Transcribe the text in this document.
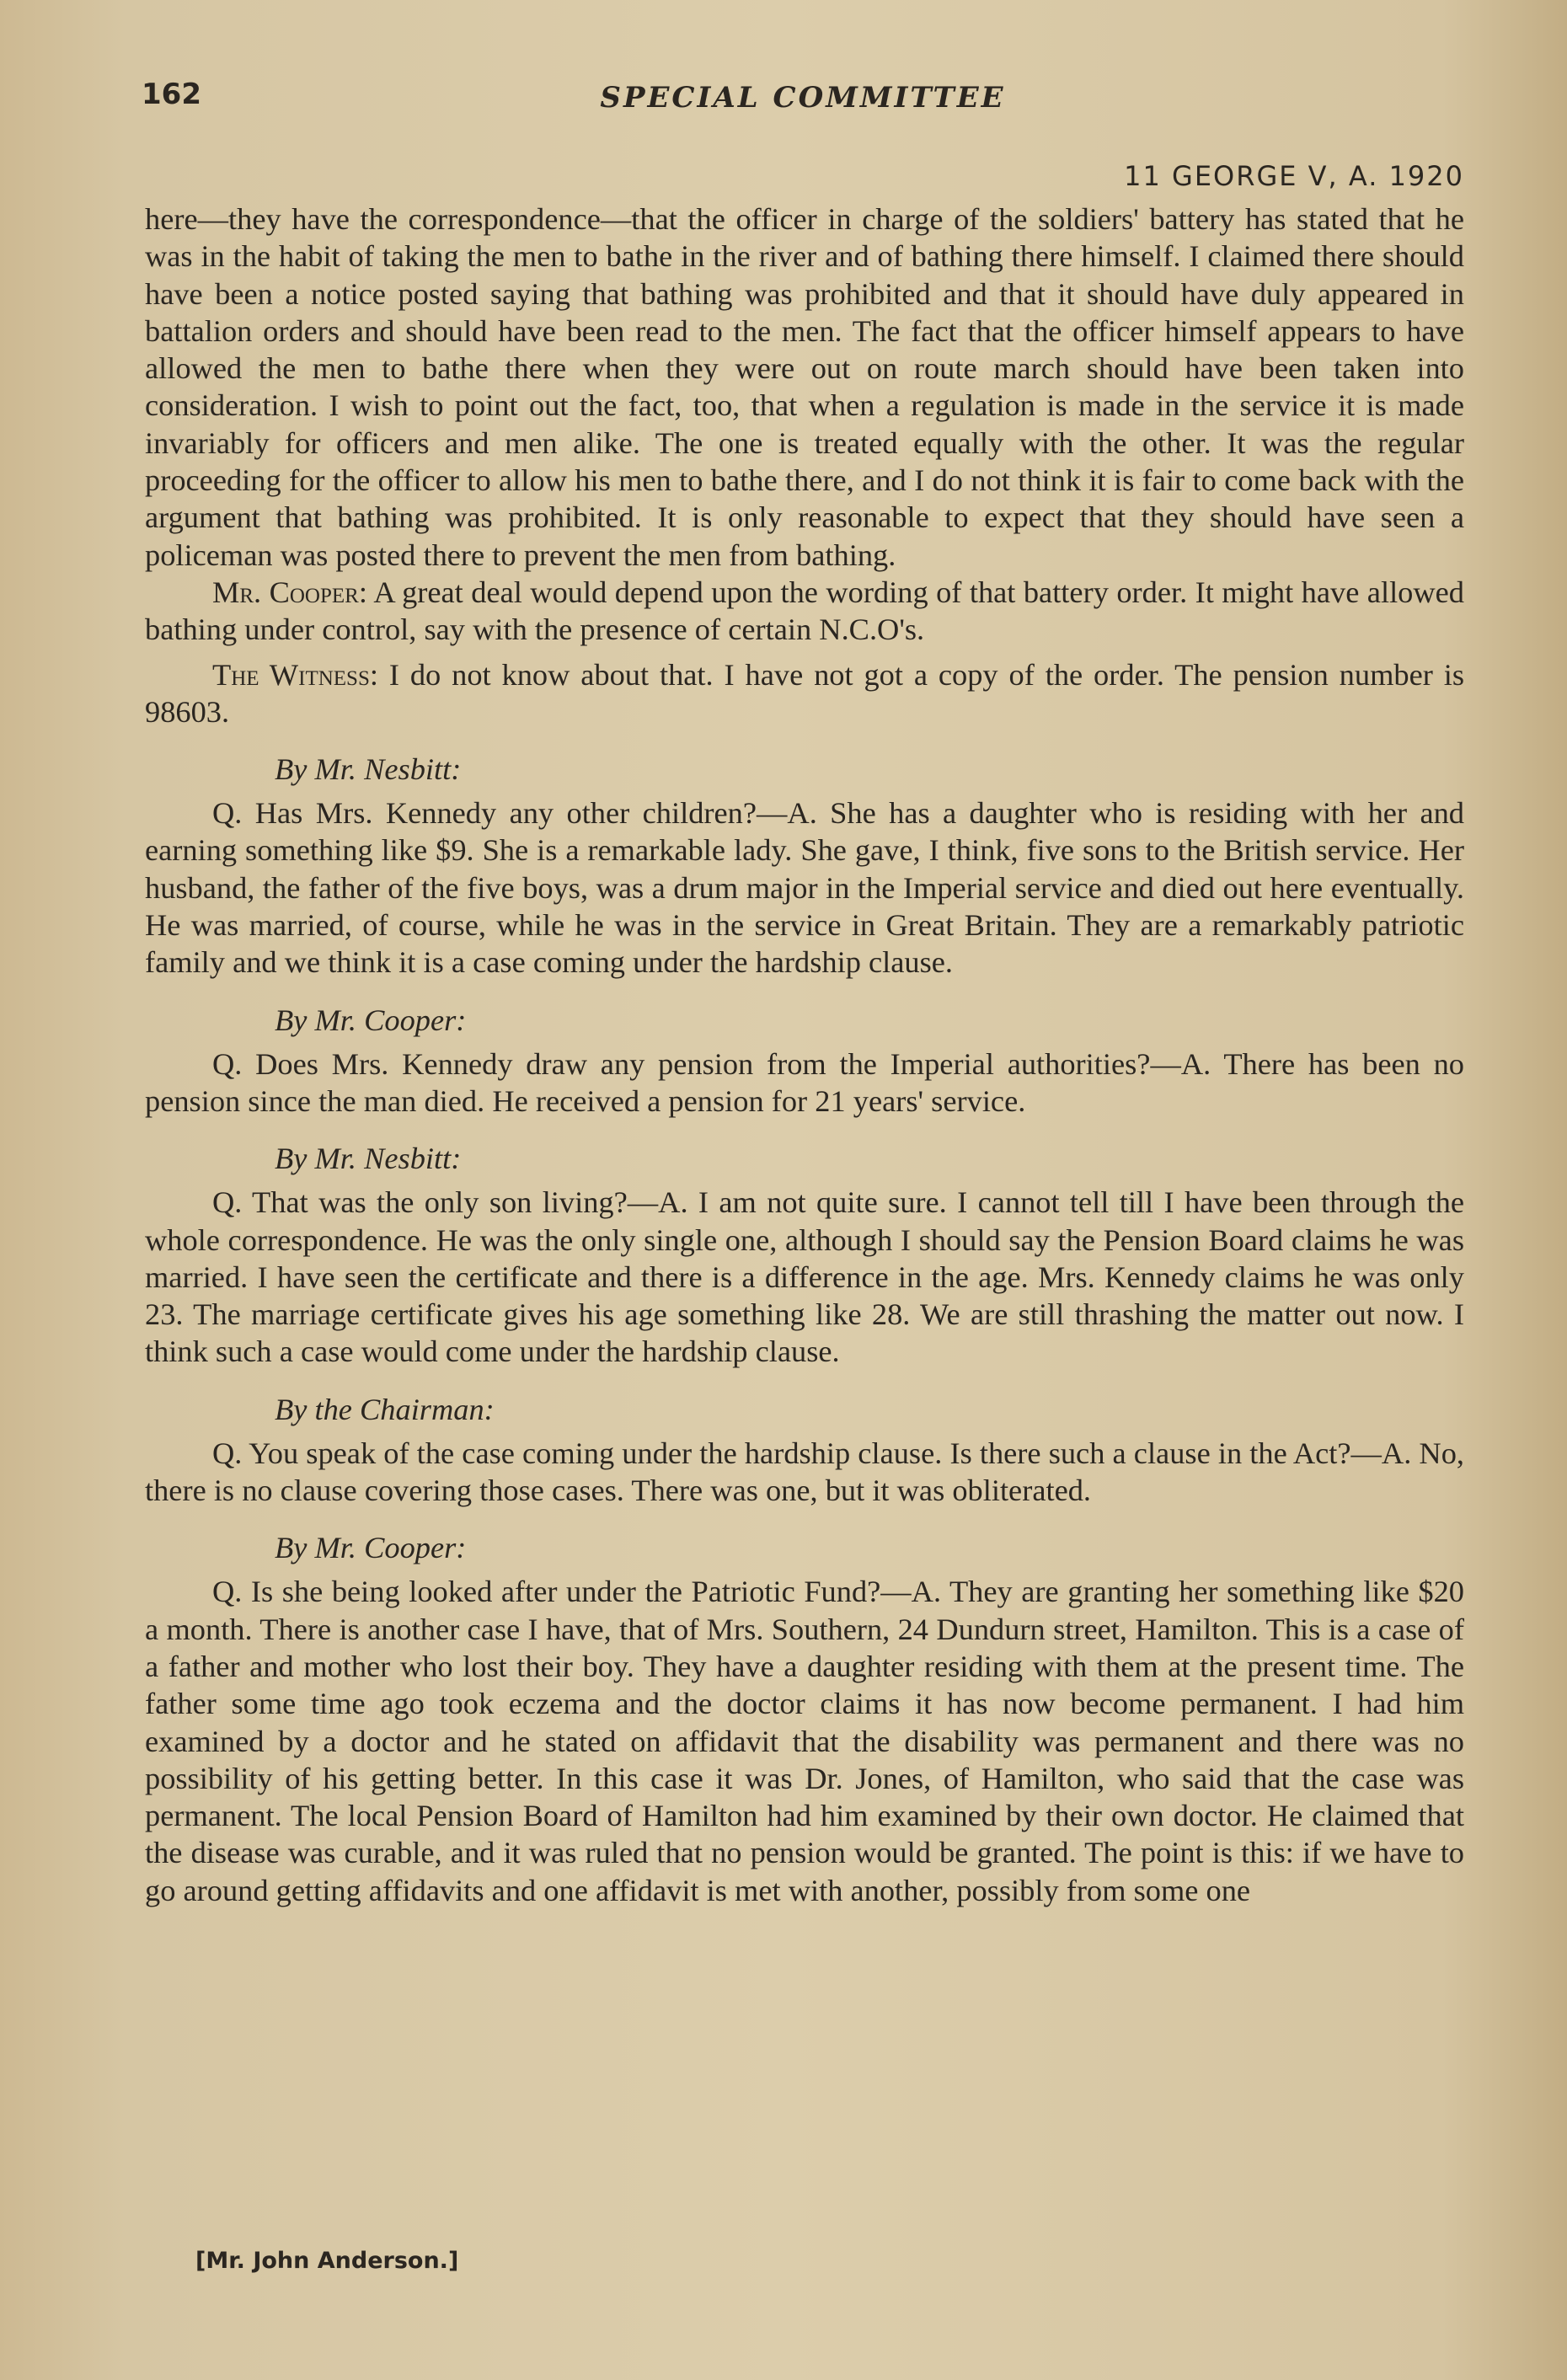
162	SPECIAL COMMITTEE
11 GEORGE V, A. 1920

here—they have the correspondence—that the officer in charge of the soldiers' battery has stated that he was in the habit of taking the men to bathe in the river and of bathing there himself. I claimed there should have been a notice posted saying that bathing was prohibited and that it should have duly appeared in battalion orders and should have been read to the men. The fact that the officer himself appears to have allowed the men to bathe there when they were out on route march should have been taken into consideration. I wish to point out the fact, too, that when a regulation is made in the service it is made invariably for officers and men alike. The one is treated equally with the other. It was the regular proceeding for the officer to allow his men to bathe there, and I do not think it is fair to come back with the argument that bathing was prohibited. It is only reasonable to expect that they should have seen a policeman was posted there to prevent the men from bathing.

Mr. Cooper: A great deal would depend upon the wording of that battery order. It might have allowed bathing under control, say with the presence of certain N.C.O's.

The Witness: I do not know about that. I have not got a copy of the order. The pension number is 98603.

By Mr. Nesbitt:

Q. Has Mrs. Kennedy any other children?—A. She has a daughter who is residing with her and earning something like $9. She is a remarkable lady. She gave, I think, five sons to the British service. Her husband, the father of the five boys, was a drum major in the Imperial service and died out here eventually. He was married, of course, while he was in the service in Great Britain. They are a remarkably patriotic family and we think it is a case coming under the hardship clause.

By Mr. Cooper:

Q. Does Mrs. Kennedy draw any pension from the Imperial authorities?—A. There has been no pension since the man died. He received a pension for 21 years' service.

By Mr. Nesbitt:

Q. That was the only son living?—A. I am not quite sure. I cannot tell till I have been through the whole correspondence. He was the only single one, although I should say the Pension Board claims he was married. I have seen the certificate and there is a difference in the age. Mrs. Kennedy claims he was only 23. The marriage certificate gives his age something like 28. We are still thrashing the matter out now. I think such a case would come under the hardship clause.

By the Chairman:

Q. You speak of the case coming under the hardship clause. Is there such a clause in the Act?—A. No, there is no clause covering those cases. There was one, but it was obliterated.

By Mr. Cooper:

Q. Is she being looked after under the Patriotic Fund?—A. They are granting her something like $20 a month. There is another case I have, that of Mrs. Southern, 24 Dundurn street, Hamilton. This is a case of a father and mother who lost their boy. They have a daughter residing with them at the present time. The father some time ago took eczema and the doctor claims it has now become permanent. I had him examined by a doctor and he stated on affidavit that the disability was permanent and there was no possibility of his getting better. In this case it was Dr. Jones, of Hamilton, who said that the case was permanent. The local Pension Board of Hamilton had him examined by their own doctor. He claimed that the disease was curable, and it was ruled that no pension would be granted. The point is this: if we have to go around getting affidavits and one affidavit is met with another, possibly from some one

[Mr. John Anderson.]
